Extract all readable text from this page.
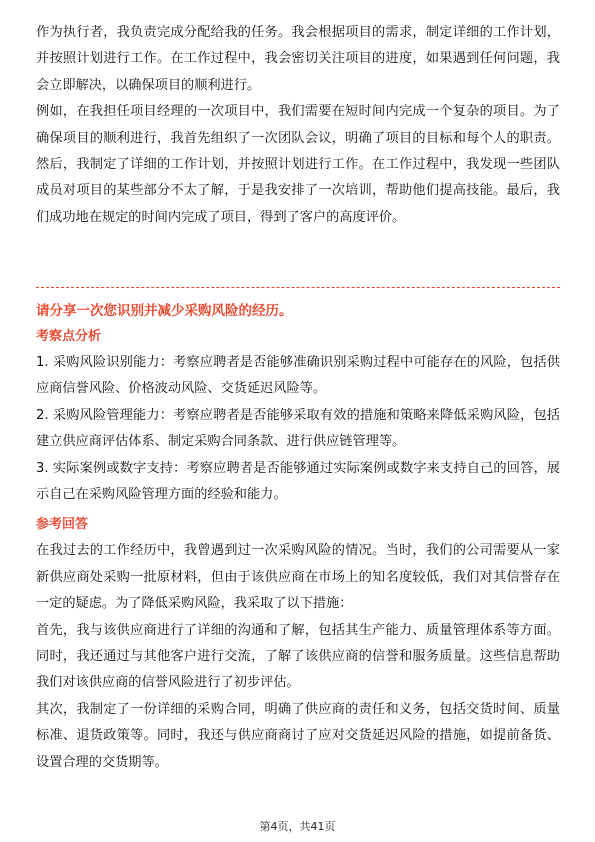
作为执行者，我负责完成分配给我的任务。我会根据项目的需求，制定详细的工作计划，并按照计划进行工作。在工作过程中，我会密切关注项目的进度，如果遇到任何问题，我会立即解决，以确保项目的顺利进行。

例如，在我担任项目经理的一次项目中，我们需要在短时间内完成一个复杂的项目。为了确保项目的顺利进行，我首先组织了一次团队会议，明确了项目的目标和每个人的职责。然后，我制定了详细的工作计划，并按照计划进行工作。在工作过程中，我发现一些团队成员对项目的某些部分不太了解，于是我安排了一次培训，帮助他们提高技能。最后，我们成功地在规定的时间内完成了项目，得到了客户的高度评价。

请分享一次您识别并减少采购风险的经历。

考察点分析

1. 采购风险识别能力：考察应聘者是否能够准确识别采购过程中可能存在的风险，包括供应商信誉风险、价格波动风险、交货延迟风险等。

2. 采购风险管理能力：考察应聘者是否能够采取有效的措施和策略来降低采购风险，包括建立供应商评估体系、制定采购合同条款、进行供应链管理等。

3. 实际案例或数字支持：考察应聘者是否能够通过实际案例或数字来支持自己的回答，展示自己在采购风险管理方面的经验和能力。

参考回答

在我过去的工作经历中，我曾遇到过一次采购风险的情况。当时，我们的公司需要从一家新供应商处采购一批原材料，但由于该供应商在市场上的知名度较低，我们对其信誉存在一定的疑虑。为了降低采购风险，我采取了以下措施：

首先，我与该供应商进行了详细的沟通和了解，包括其生产能力、质量管理体系等方面。同时，我还通过与其他客户进行交流，了解了该供应商的信誉和服务质量。这些信息帮助我们对该供应商的信誉风险进行了初步评估。

其次，我制定了一份详细的采购合同，明确了供应商的责任和义务，包括交货时间、质量标准、退货政策等。同时，我还与供应商商讨了应对交货延迟风险的措施，如提前备货、设置合理的交货期等。

第4页，共41页
